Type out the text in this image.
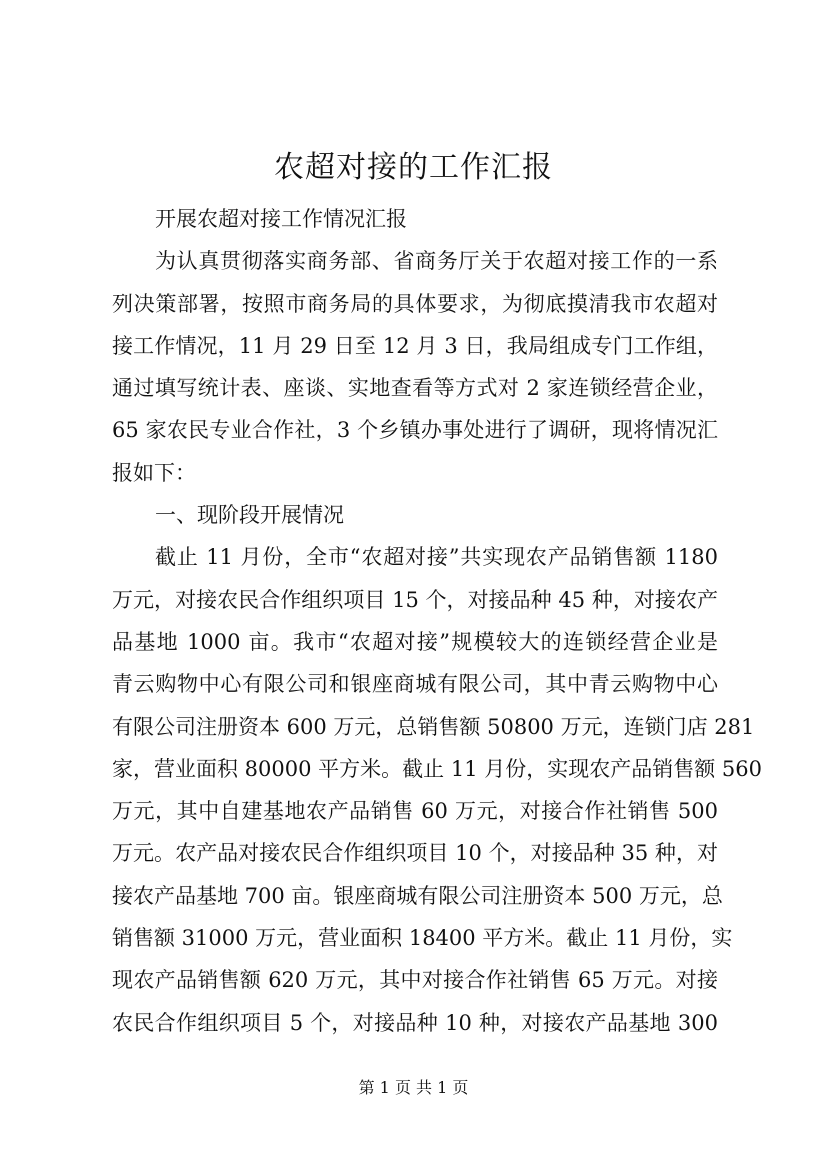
农超对接的工作汇报
开展农超对接工作情况汇报
为认真贯彻落实商务部、省商务厅关于农超对接工作的一系
列决策部署，按照市商务局的具体要求，为彻底摸清我市农超对
接工作情况，11 月 29 日至 12 月 3 日，我局组成专门工作组，
通过填写统计表、座谈、实地查看等方式对 2 家连锁经营企业，
65 家农民专业合作社，3 个乡镇办事处进行了调研，现将情况汇
报如下：
一、现阶段开展情况
截止 11 月份，全市“农超对接”共实现农产品销售额 1180
万元，对接农民合作组织项目 15 个，对接品种 45 种，对接农产
品基地 1000 亩。我市“农超对接”规模较大的连锁经营企业是
青云购物中心有限公司和银座商城有限公司，其中青云购物中心
有限公司注册资本 600 万元，总销售额 50800 万元，连锁门店 281
家，营业面积 80000 平方米。截止 11 月份，实现农产品销售额 560
万元，其中自建基地农产品销售 60 万元，对接合作社销售 500
万元。农产品对接农民合作组织项目 10 个，对接品种 35 种，对
接农产品基地 700 亩。银座商城有限公司注册资本 500 万元，总
销售额 31000 万元，营业面积 18400 平方米。截止 11 月份，实
现农产品销售额 620 万元，其中对接合作社销售 65 万元。对接
农民合作组织项目 5 个，对接品种 10 种，对接农产品基地 300
第 1 页 共 1 页
